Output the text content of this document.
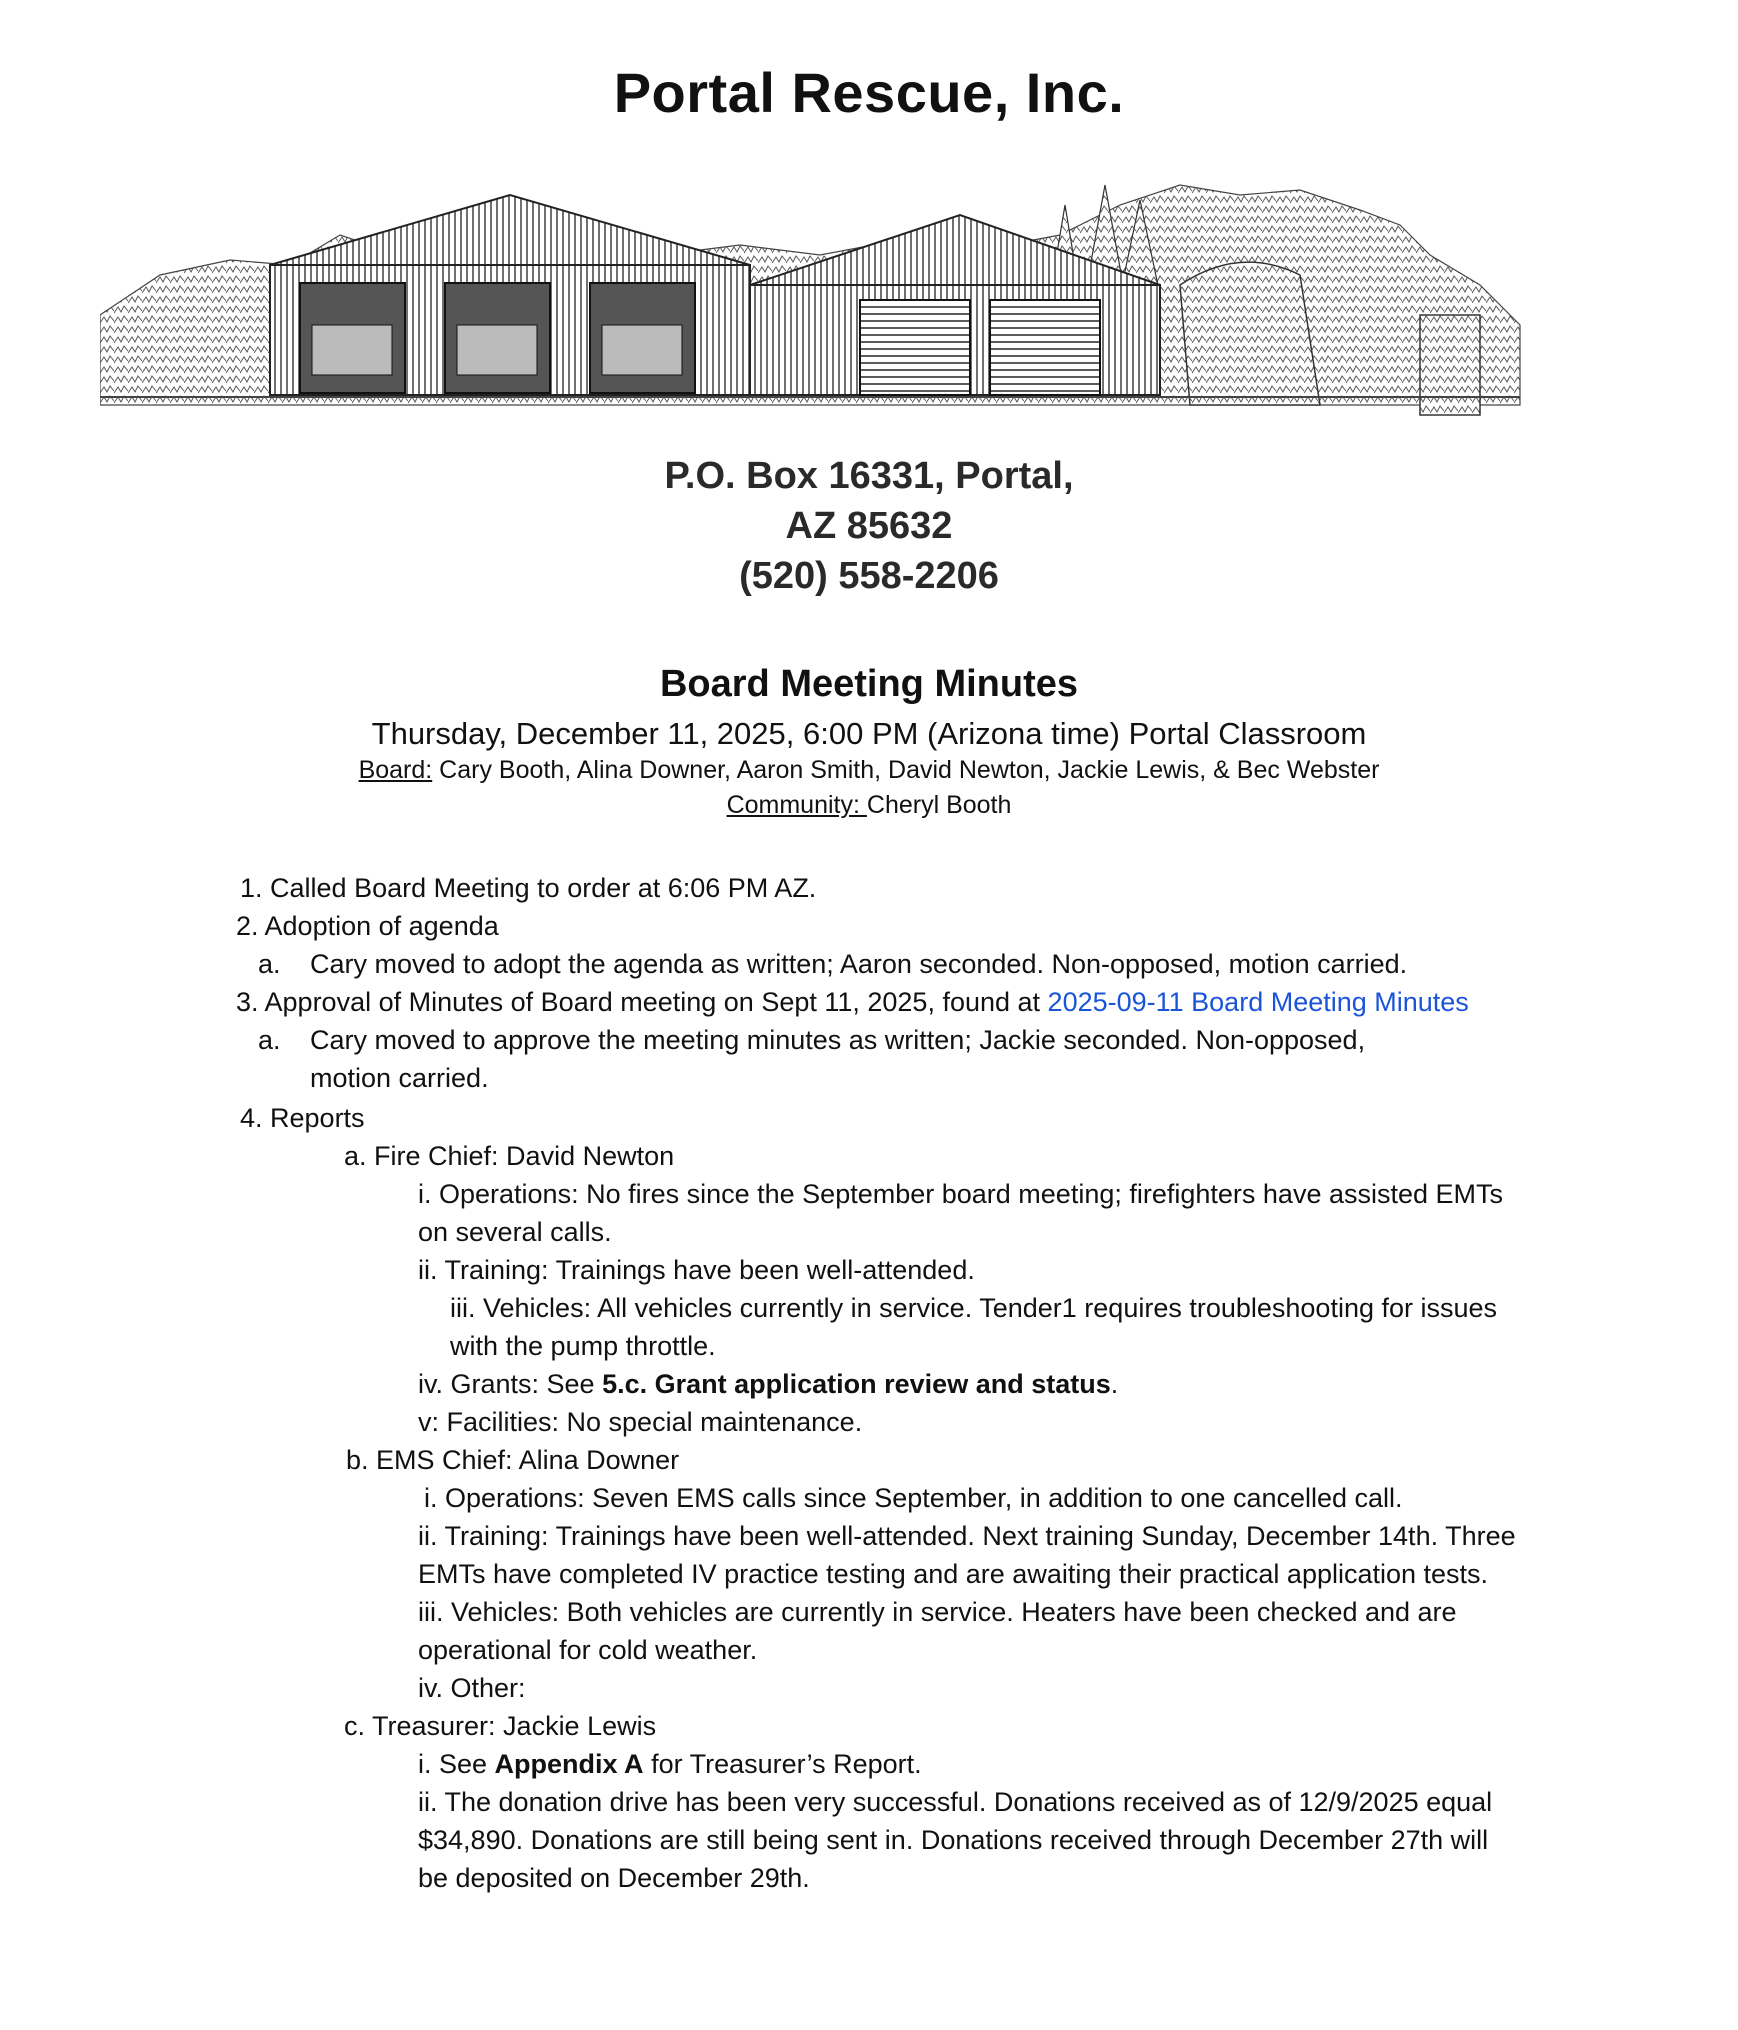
Portal Rescue, Inc.
P.O. Box 16331, Portal,
AZ 85632
(520) 558-2206
Board Meeting Minutes
Thursday, December 11, 2025, 6:00 PM (Arizona time) Portal Classroom
Board: Cary Booth, Alina Downer, Aaron Smith, David Newton, Jackie Lewis, & Bec Webster
Community: Cheryl Booth
1. Called Board Meeting to order at 6:06 PM AZ.
2. Adoption of agenda
a. Cary moved to adopt the agenda as written; Aaron seconded. Non-opposed, motion carried.
3. Approval of Minutes of Board meeting on Sept 11, 2025, found at 2025-09-11 Board Meeting Minutes
a. Cary moved to approve the meeting minutes as written; Jackie seconded. Non-opposed,
motion carried.
4. Reports
a. Fire Chief: David Newton
i. Operations: No fires since the September board meeting; firefighters have assisted EMTs
on several calls.
ii. Training: Trainings have been well-attended.
iii. Vehicles: All vehicles currently in service. Tender1 requires troubleshooting for issues
with the pump throttle.
iv. Grants: See 5.c. Grant application review and status.
v: Facilities: No special maintenance.
b. EMS Chief: Alina Downer
i. Operations: Seven EMS calls since September, in addition to one cancelled call.
ii. Training: Trainings have been well-attended. Next training Sunday, December 14th. Three
EMTs have completed IV practice testing and are awaiting their practical application tests.
iii. Vehicles: Both vehicles are currently in service. Heaters have been checked and are
operational for cold weather.
iv. Other:
c. Treasurer: Jackie Lewis
i. See Appendix A for Treasurer’s Report.
ii. The donation drive has been very successful. Donations received as of 12/9/2025 equal
$34,890. Donations are still being sent in. Donations received through December 27th will
be deposited on December 29th.
